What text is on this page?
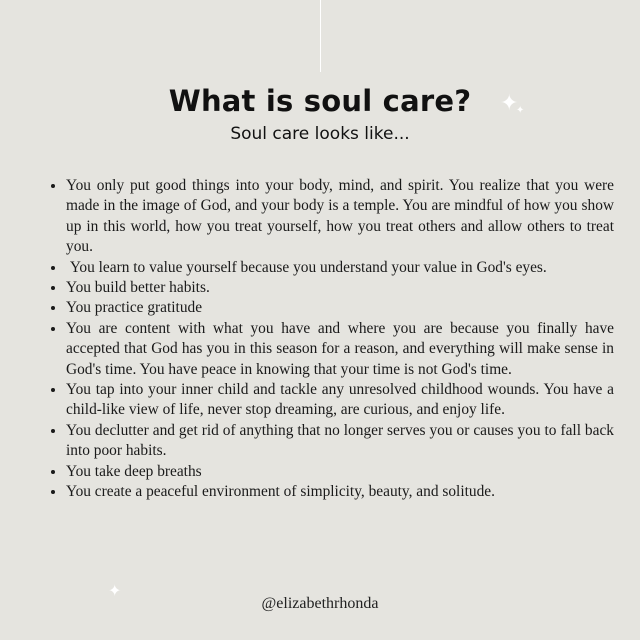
✦
✦
✦
What is soul care?
Soul care looks like...
• You only put good things into your body, mind, and spirit. You realize that you were made in the image of God, and your body is a temple. You are mindful of how you show up in this world, how you treat yourself, how you treat others and allow others to treat you.
•  You learn to value yourself because you understand your value in God's eyes.
• You build better habits.
• You practice gratitude
• You are content with what you have and where you are because you finally have accepted that God has you in this season for a reason, and everything will make sense in God's time. You have peace in knowing that your time is not God's time.
• You tap into your inner child and tackle any unresolved childhood wounds. You have a child-like view of life, never stop dreaming, are curious, and enjoy life.
• You declutter and get rid of anything that no longer serves you or causes you to fall back into poor habits.
• You take deep breaths
• You create a peaceful environment of simplicity, beauty, and solitude.
@elizabethrhonda
